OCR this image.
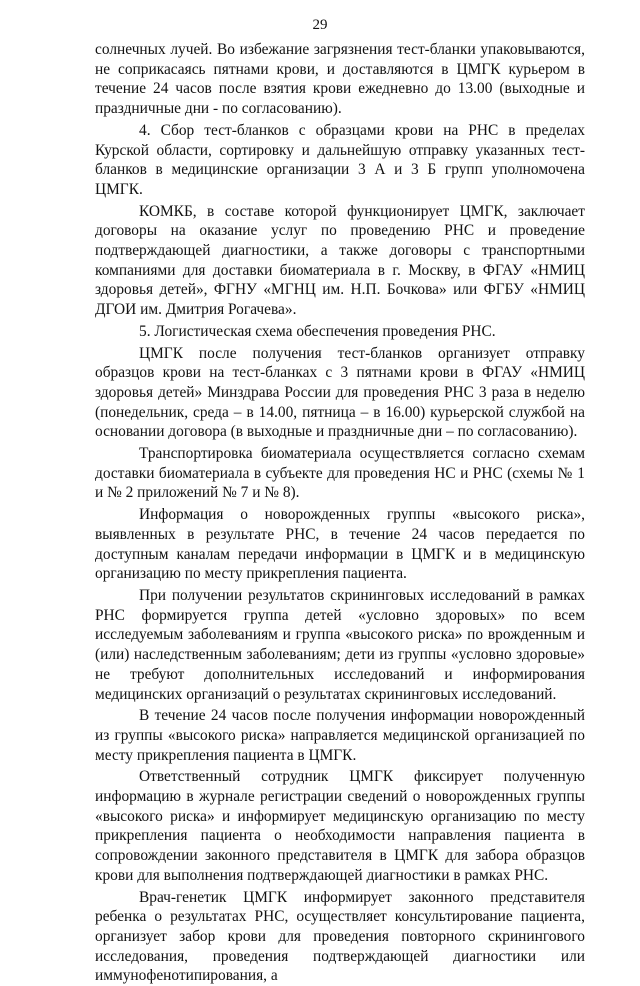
29

солнечных лучей. Во избежание загрязнения тест-бланки упаковываются, не соприкасаясь пятнами крови, и доставляются в ЦМГК курьером в течение 24 часов после взятия крови ежедневно до 13.00 (выходные и праздничные дни - по согласованию).

4. Сбор тест-бланков с образцами крови на РНС в пределах Курской области, сортировку и дальнейшую отправку указанных тест-бланков в медицинские организации 3 А и 3 Б групп уполномочена ЦМГК.

КОМКБ, в составе которой функционирует ЦМГК, заключает договоры на оказание услуг по проведению РНС и проведение подтверждающей диагностики, а также договоры с транспортными компаниями для доставки биоматериала в г. Москву, в ФГАУ «НМИЦ здоровья детей», ФГНУ «МГНЦ им. Н.П. Бочкова» или ФГБУ «НМИЦ ДГОИ им. Дмитрия Рогачева».

5. Логистическая схема обеспечения проведения РНС.

ЦМГК после получения тест-бланков организует отправку образцов крови на тест-бланках с 3 пятнами крови в ФГАУ «НМИЦ здоровья детей» Минздрава России для проведения РНС 3 раза в неделю (понедельник, среда – в 14.00, пятница – в 16.00) курьерской службой на основании договора (в выходные и праздничные дни – по согласованию).

Транспортировка биоматериала осуществляется согласно схемам доставки биоматериала в субъекте для проведения НС и РНС (схемы № 1 и № 2 приложений № 7 и № 8).

Информация о новорожденных группы «высокого риска», выявленных в результате РНС, в течение 24 часов передается по доступным каналам передачи информации в ЦМГК и в медицинскую организацию по месту прикрепления пациента.

При получении результатов скрининговых исследований в рамках РНС формируется группа детей «условно здоровых» по всем исследуемым заболеваниям и группа «высокого риска» по врожденным и (или) наследственным заболеваниям; дети из группы «условно здоровые» не требуют дополнительных исследований и информирования медицинских организаций о результатах скрининговых исследований.

В течение 24 часов после получения информации новорожденный из группы «высокого риска» направляется медицинской организацией по месту прикрепления пациента в ЦМГК.

Ответственный сотрудник ЦМГК фиксирует полученную информацию в журнале регистрации сведений о новорожденных группы «высокого риска» и информирует медицинскую организацию по месту прикрепления пациента о необходимости направления пациента в сопровождении законного представителя в ЦМГК для забора образцов крови для выполнения подтверждающей диагностики в рамках РНС.

Врач-генетик ЦМГК информирует законного представителя ребенка о результатах РНС, осуществляет консультирование пациента, организует забор крови для проведения повторного скринингового исследования, проведения подтверждающей диагностики или иммунофенотипирования, а
